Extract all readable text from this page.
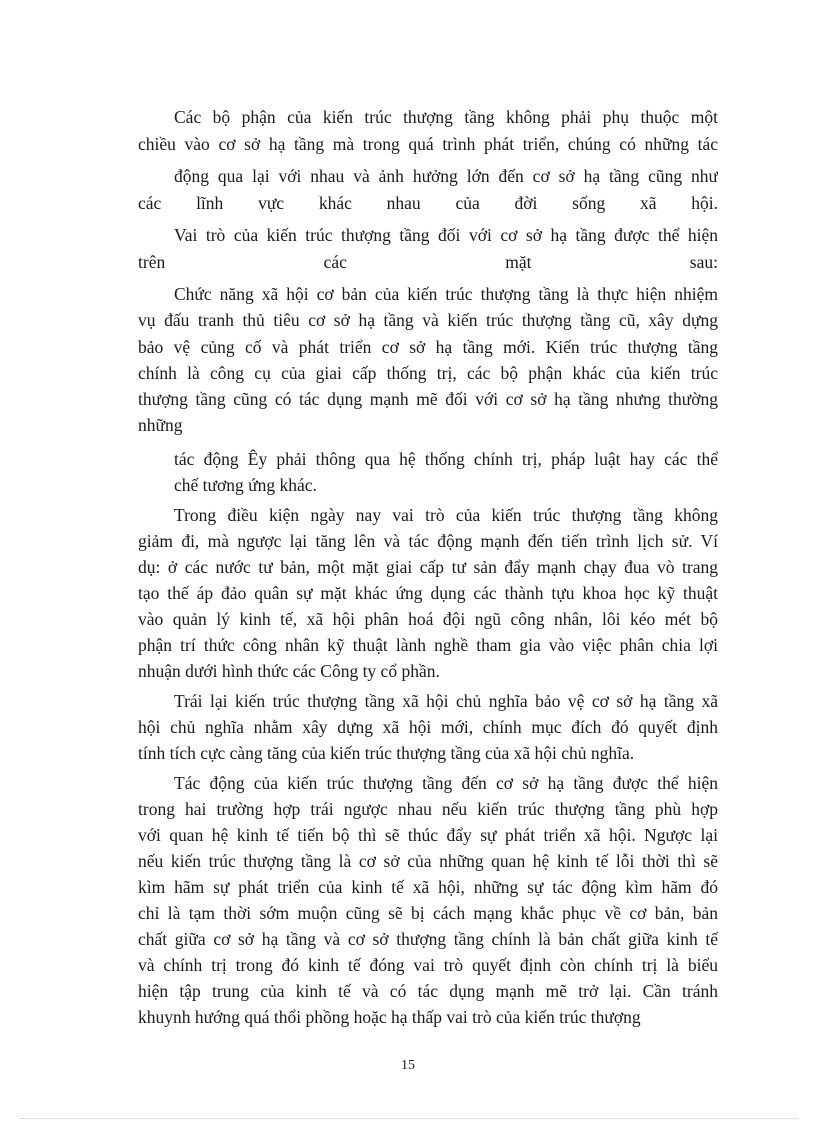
Các bộ phận của kiến trúc thượng tầng không phải phụ thuộc một
chiều vào cơ sở hạ tầng mà trong quá trình phát triển, chúng có những tác
động qua lại với nhau và ảnh hưởng lớn đến cơ sở hạ tầng cũng như
các lĩnh vực khác nhau của đời sống xã hội.
Vai trò của kiến trúc thượng tầng đối với cơ sở hạ tầng được thể hiện
trên các mặt sau:
Chức năng xã hội cơ bản của kiến trúc thượng tầng là thực hiện nhiệm
vụ đấu tranh thủ tiêu cơ sở hạ tầng và kiến trúc thượng tầng cũ, xây dựng
bảo vệ củng cố và phát triển cơ sở hạ tầng mới. Kiến trúc thượng tầng
chính là công cụ của giai cấp thống trị, các bộ phận khác của kiến trúc
thượng tầng cũng có tác dụng mạnh mẽ đối với cơ sở hạ tầng nhưng thường
những
tác động Êy phải thông qua hệ thống chính trị, pháp luật hay các thể
chế tương ứng khác.
Trong điều kiện ngày nay vai trò của kiến trúc thượng tầng không
giảm đi, mà ngược lại tăng lên và tác động mạnh đến tiến trình lịch sử. Ví
dụ: ở các nước tư bản, một mặt giai cấp tư sản đẩy mạnh chạy đua vò trang
tạo thế áp đảo quân sự mặt khác ứng dụng các thành tựu khoa học kỹ thuật
vào quản lý kinh tế, xã hội phân hoá đội ngũ công nhân, lôi kéo mét bộ
phận trí thức công nhân kỹ thuật lành nghề tham gia vào việc phân chia lợi
nhuận dưới hình thức các Công ty cổ phần.
Trái lại kiến trúc thượng tầng xã hội chủ nghĩa bảo vệ cơ sở hạ tầng xã
hội chủ nghĩa nhằm xây dựng xã hội mới, chính mục đích đó quyết định
tính tích cực càng tăng của kiến trúc thượng tầng của xã hội chủ nghĩa.
Tác động của kiến trúc thượng tầng đến cơ sở hạ tầng được thể hiện
trong hai trường hợp trái ngược nhau nếu kiến trúc thượng tầng phù hợp
với quan hệ kinh tế tiến bộ thì sẽ thúc đẩy sự phát triển xã hội. Ngược lại
nếu kiến trúc thượng tầng là cơ sở của những quan hệ kinh tế lỗi thời thì sẽ
kìm hãm sự phát triển của kinh tế xã hội, những sự tác động kìm hãm đó
chỉ là tạm thời sớm muộn cũng sẽ bị cách mạng khắc phục về cơ bản, bản
chất giữa cơ sở hạ tầng và cơ sở thượng tầng chính là bản chất giữa kinh tế
và chính trị trong đó kinh tế đóng vai trò quyết định còn chính trị là biểu
hiện tập trung của kinh tế và có tác dụng mạnh mẽ trở lại. Cần tránh
khuynh hướng quá thổi phồng hoặc hạ thấp vai trò của kiến trúc thượng
15
